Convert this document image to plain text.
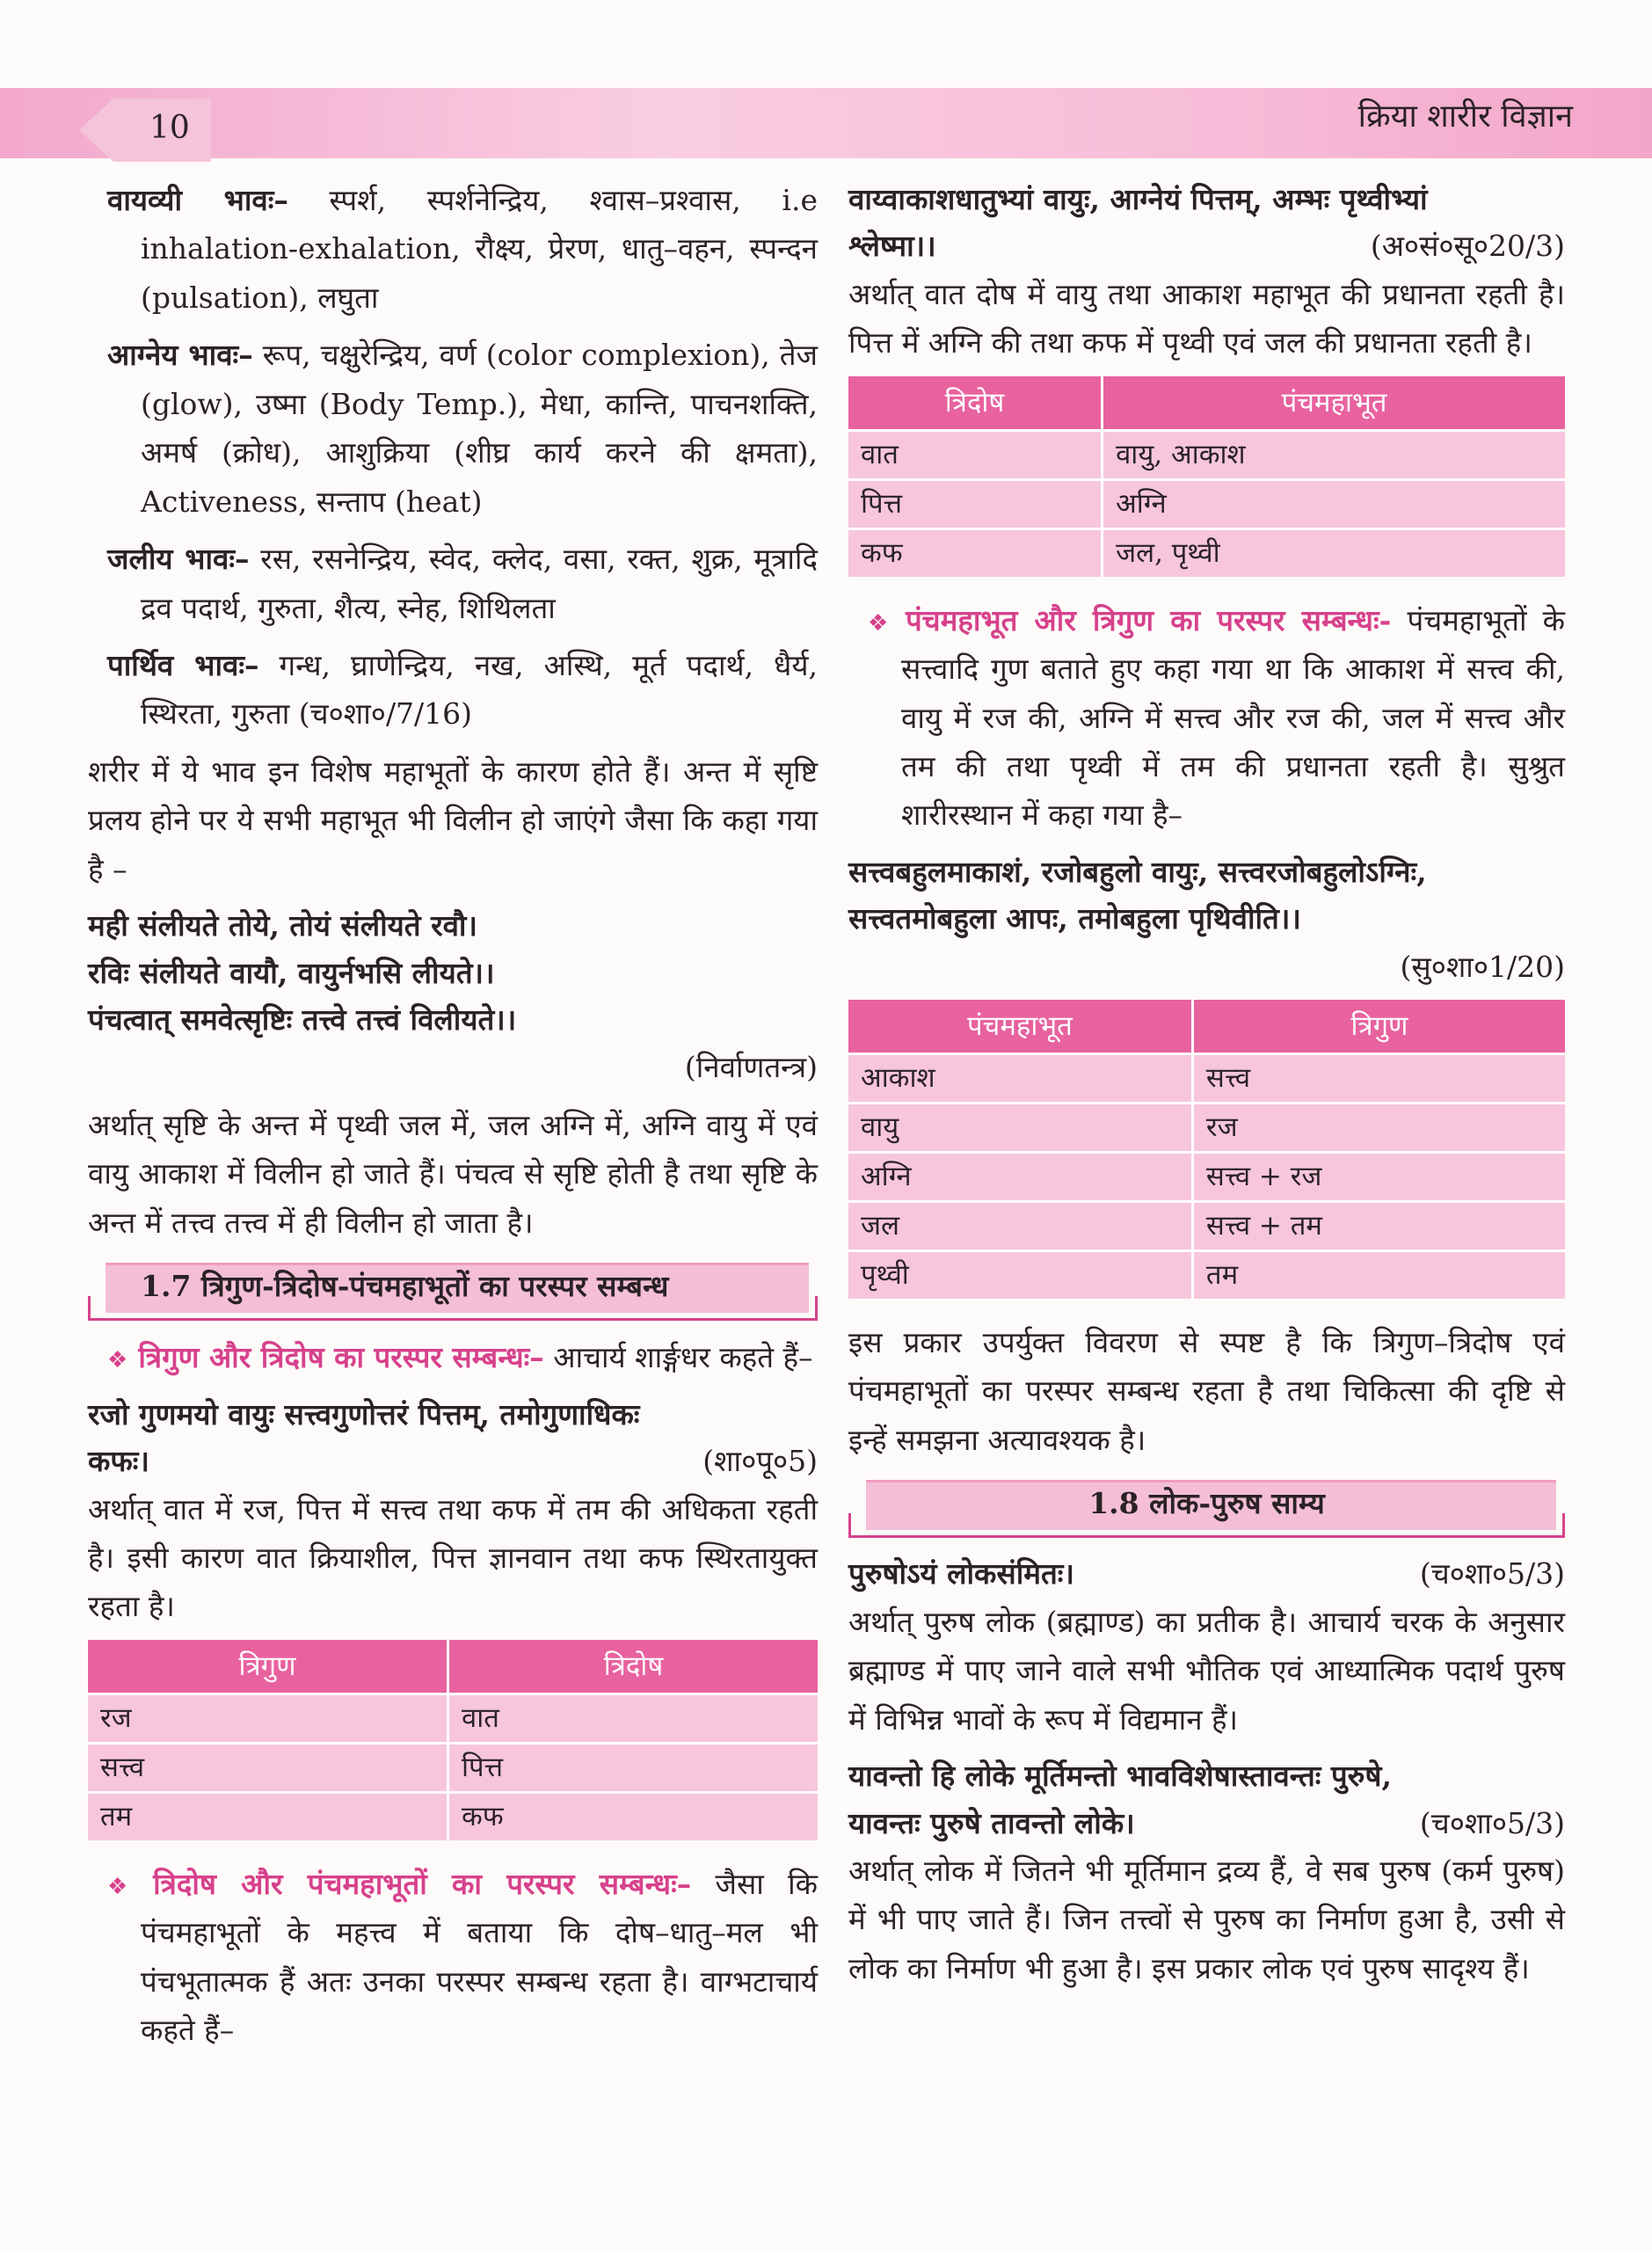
10	क्रिया शारीर विज्ञान

वायव्यी भावः– स्पर्श, स्पर्शनेन्द्रिय, श्वास–प्रश्वास, i.e inhalation-exhalation, रौक्ष्य, प्रेरण, धातु–वहन, स्पन्दन (pulsation), लघुता

आग्नेय भावः– रूप, चक्षुरेन्द्रिय, वर्ण (color complexion), तेज (glow), उष्मा (Body Temp.), मेधा, कान्ति, पाचनशक्ति, अमर्ष (क्रोध), आशुक्रिया (शीघ्र कार्य करने की क्षमता), Activeness, सन्ताप (heat)

जलीय भावः– रस, रसनेन्द्रिय, स्वेद, क्लेद, वसा, रक्त, शुक्र, मूत्रादि द्रव पदार्थ, गुरुता, शैत्य, स्नेह, शिथिलता

पार्थिव भावः– गन्ध, घ्राणेन्द्रिय, नख, अस्थि, मूर्त पदार्थ, धैर्य, स्थिरता, गुरुता (च०शा०/7/16)

शरीर में ये भाव इन विशेष महाभूतों के कारण होते हैं। अन्त में सृष्टि प्रलय होने पर ये सभी महाभूत भी विलीन हो जाएंगे जैसा कि कहा गया है –

मही संलीयते तोये, तोयं संलीयते रवौ।

रविः संलीयते वायौ, वायुर्नभसि लीयते।।

पंचत्वात् समवेत्सृष्टिः तत्त्वे तत्त्वं विलीयते।।

(निर्वाणतन्त्र)

अर्थात् सृष्टि के अन्त में पृथ्वी जल में, जल अग्नि में, अग्नि वायु में एवं वायु आकाश में विलीन हो जाते हैं। पंचत्व से सृष्टि होती है तथा सृष्टि के अन्त में तत्त्व तत्त्व में ही विलीन हो जाता है।

1.7 त्रिगुण-त्रिदोष-पंचमहाभूतों का परस्पर सम्बन्ध

❖ त्रिगुण और त्रिदोष का परस्पर सम्बन्धः– आचार्य शार्ङ्गधर कहते हैं–

रजो गुणमयो वायुः सत्त्वगुणोत्तरं पित्तम्, तमोगुणाधिकः

कफः।	(शा०पू०5)

अर्थात् वात में रज, पित्त में सत्त्व तथा कफ में तम की अधिकता रहती है। इसी कारण वात क्रियाशील, पित्त ज्ञानवान तथा कफ स्थिरतायुक्त रहता है।

त्रिगुण	त्रिदोष
रज	वात
सत्त्व	पित्त
तम	कफ

❖ त्रिदोष और पंचमहाभूतों का परस्पर सम्बन्धः– जैसा कि पंचमहाभूतों के महत्त्व में बताया कि दोष–धातु–मल भी पंचभूतात्मक हैं अतः उनका परस्पर सम्बन्ध रहता है। वाग्भटाचार्य कहते हैं–

वाय्वाकाशधातुभ्यां वायुः, आग्नेयं पित्तम्, अम्भः पृथ्वीभ्यां

श्लेष्मा।।	(अ०सं०सू०20/3)

अर्थात् वात दोष में वायु तथा आकाश महाभूत की प्रधानता रहती है। पित्त में अग्नि की तथा कफ में पृथ्वी एवं जल की प्रधानता रहती है।

त्रिदोष	पंचमहाभूत
वात	वायु, आकाश
पित्त	अग्नि
कफ	जल, पृथ्वी

❖ पंचमहाभूत और त्रिगुण का परस्पर सम्बन्धः- पंचमहाभूतों के सत्त्वादि गुण बताते हुए कहा गया था कि आकाश में सत्त्व की, वायु में रज की, अग्नि में सत्त्व और रज की, जल में सत्त्व और तम की तथा पृथ्वी में तम की प्रधानता रहती है। सुश्रुत शारीरस्थान में कहा गया है–

सत्त्वबहुलमाकाशं, रजोबहुलो वायुः, सत्त्वरजोबहुलोऽग्निः,

सत्त्वतमोबहुला आपः, तमोबहुला पृथिवीति।।

(सु०शा०1/20)

पंचमहाभूत	त्रिगुण
आकाश	सत्त्व
वायु	रज
अग्नि	सत्त्व + रज
जल	सत्त्व + तम
पृथ्वी	तम

इस प्रकार उपर्युक्त विवरण से स्पष्ट है कि त्रिगुण–त्रिदोष एवं पंचमहाभूतों का परस्पर सम्बन्ध रहता है तथा चिकित्सा की दृष्टि से इन्हें समझना अत्यावश्यक है।

1.8 लोक-पुरुष साम्य

पुरुषोऽयं लोकसंमितः।	(च०शा०5/3)

अर्थात् पुरुष लोक (ब्रह्माण्ड) का प्रतीक है। आचार्य चरक के अनुसार ब्रह्माण्ड में पाए जाने वाले सभी भौतिक एवं आध्यात्मिक पदार्थ पुरुष में विभिन्न भावों के रूप में विद्यमान हैं।

यावन्तो हि लोके मूर्तिमन्तो भावविशेषास्तावन्तः पुरुषे,

यावन्तः पुरुषे तावन्तो लोके।	(च०शा०5/3)

अर्थात् लोक में जितने भी मूर्तिमान द्रव्य हैं, वे सब पुरुष (कर्म पुरुष) में भी पाए जाते हैं। जिन तत्त्वों से पुरुष का निर्माण हुआ है, उसी से लोक का निर्माण भी हुआ है। इस प्रकार लोक एवं पुरुष सादृश्य हैं।
